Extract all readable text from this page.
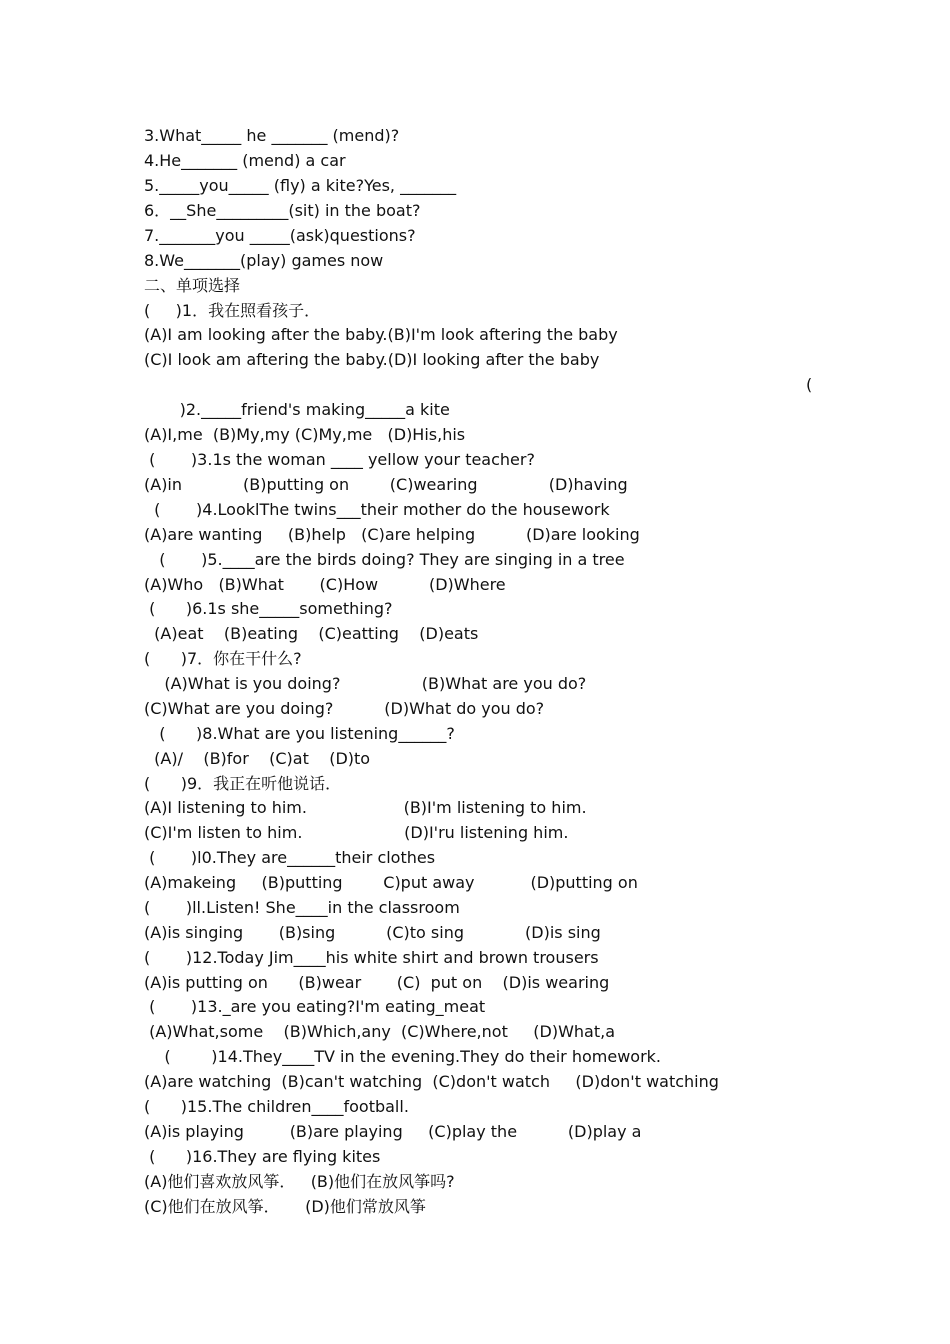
3.What_____ he _______ (mend)?
4.He_______ (mend) a car
5._____you_____ (fly) a kite?Yes, _______
6．__She_________(sit) in the boat?
7._______you _____(ask)questions?
8.We_______(play) games now
二、单项选择
(     )1．我在照看孩子．
(A)I am looking after the baby.(B)I'm look aftering the baby
(C)I look am aftering the baby.(D)I looking after the baby
(
)2._____friend's making_____a kite
(A)I,me  (B)My,my (C)My,me   (D)His,his
(       )3.1s the woman ____ yellow your teacher?
(A)in            (B)putting on        (C)wearing              (D)having
(       )4.LooklThe twins___their mother do the housework
(A)are wanting     (B)help   (C)are helping          (D)are looking
(       )5.____are the birds doing? They are singing in a tree
(A)Who   (B)What       (C)How          (D)Where
(      )6.1s she_____something?
(A)eat    (B)eating    (C)eatting    (D)eats
(      )7．你在干什么?
(A)What is you doing?                (B)What are you do?
(C)What are you doing?          (D)What do you do?
(      )8.What are you listening______?
(A)/    (B)for    (C)at    (D)to
(      )9．我正在听他说话．
(A)I listening to him.                   (B)I'm listening to him.
(C)I'm listen to him.                    (D)I'ru listening him.
(       )l0.They are______their clothes
(A)makeing     (B)putting        C)put away           (D)putting on
(       )ll.Listen! She____in the classroom
(A)is singing       (B)sing          (C)to sing            (D)is sing
(       )12.Today Jim____his white shirt and brown trousers
(A)is putting on      (B)wear       (C)  put on    (D)is wearing
(       )13._are you eating?I'm eating_meat
(A)What,some    (B)Which,any  (C)Where,not     (D)What,a
(        )14.They____TV in the evening.They do their homework.
(A)are watching  (B)can't watching  (C)don't watch     (D)don't watching
(      )15.The children____football.
(A)is playing         (B)are playing     (C)play the          (D)play a
(      )16.They are flying kites
(A)他们喜欢放风筝．   (B)他们在放风筝吗?
(C)他们在放风筝．     (D)他们常放风筝
